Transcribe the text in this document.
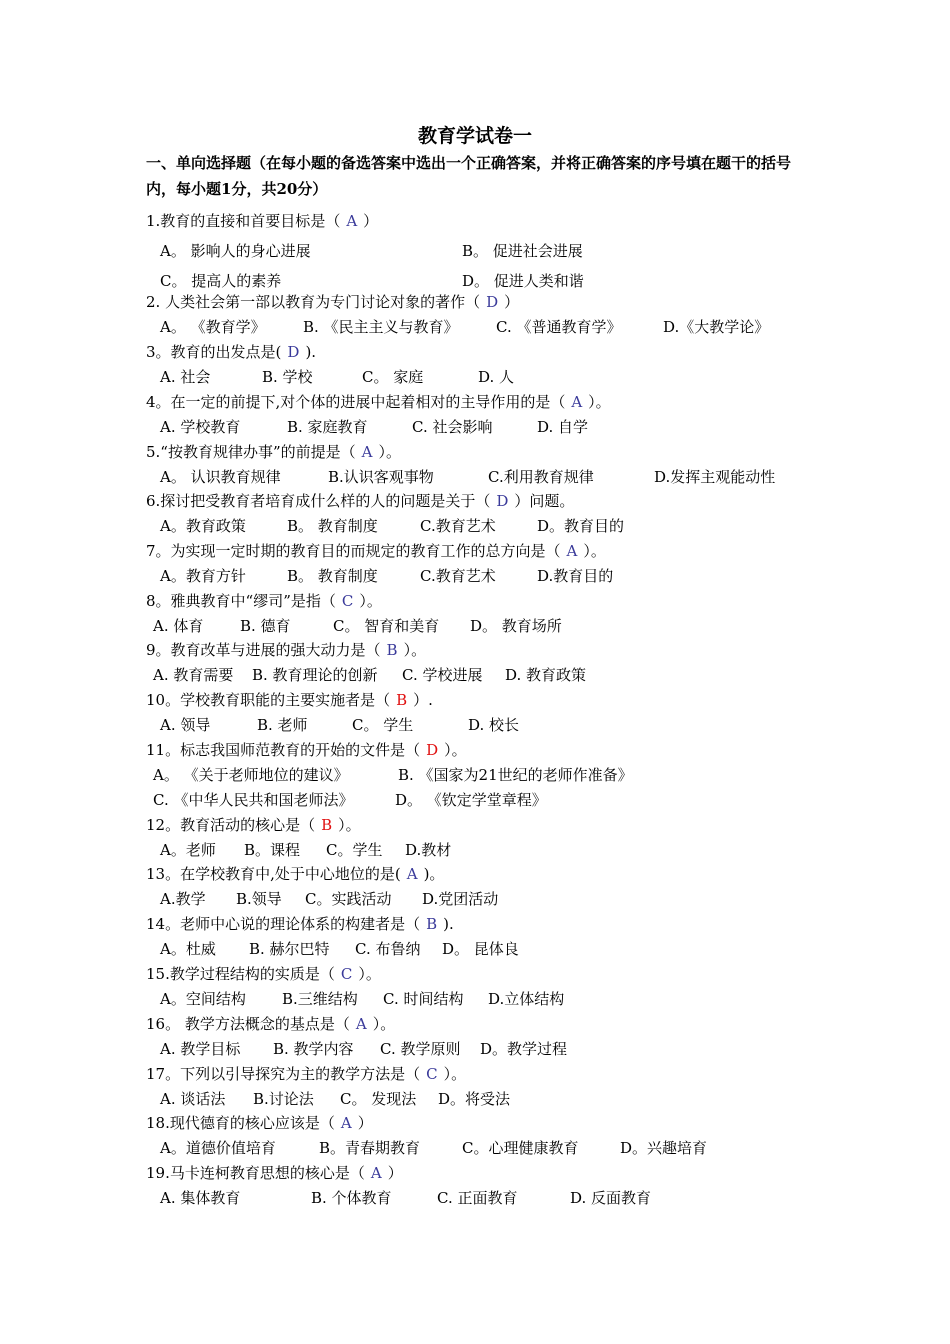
教育学试卷一
一、单向选择题（在每小题的备选答案中选出一个正确答案，并将正确答案的序号填在题干的括号内，每小题1分，共20分）
1.教育的直接和首要目标是（ A ）
A。 影响人的身心进展	B。 促进社会进展
C。 提高人的素养	D。 促进人类和谐
2. 人类社会第一部以教育为专门讨论对象的著作（ D ）
A。 《教育学》 B. 《民主主义与教育》 C. 《普通教育学》	D.《大教学论》
3。教育的出发点是( D ).
A. 社会	B. 学校	C。 家庭	D. 人
4。在一定的前提下,对个体的进展中起着相对的主导作用的是（ A ）。
A. 学校教育	B. 家庭教育	C. 社会影响	D. 自学
5.“按教育规律办事”的前提是（ A ）。
A。 认识教育规律	B.认识客观事物	C.利用教育规律	D.发挥主观能动性
6.探讨把受教育者培育成什么样的人的问题是关于（ D ）问题。
A。教育政策	B。 教育制度	C.教育艺术	D。教育目的
7。为实现一定时期的教育目的而规定的教育工作的总方向是（ A ）。
A。教育方针	B。 教育制度	C.教育艺术	D.教育目的
8。雅典教育中“缪司”是指（ C ）。
A. 体育 B. 德育	C。 智育和美育 D。 教育场所
9。教育改革与进展的强大动力是（ B ）。
A. 教育需要 B. 教育理论的创新 C. 学校进展 D. 教育政策
10。学校教育职能的主要实施者是（ B ）.
A. 领导	B. 老师	C。 学生	D. 校长
11。标志我国师范教育的开始的文件是（ D ）。
A。 《关于老师地位的建议》	B. 《国家为21世纪的老师作准备》
C. 《中华人民共和国老师法》	D。 《钦定学堂章程》
12。教育活动的核心是（ B ）。
A。老师 B。课程 C。学生 D.教材
13。在学校教育中,处于中心地位的是( A )。
A.教学 B.领导 C。实践活动 D.党团活动
14。老师中心说的理论体系的构建者是（ B ).
A。杜威 B. 赫尔巴特 C. 布鲁纳 D。 昆体良
15.教学过程结构的实质是（ C ）。
A。空间结构 B.三维结构 C. 时间结构 D.立体结构
16。 教学方法概念的基点是（ A ）。
A. 教学目标 B. 教学内容 C. 教学原则 D。教学过程
17。下列以引导探究为主的教学方法是（ C ）。
A. 谈话法 B.讨论法 C。 发现法 D。将受法
18.现代德育的核心应该是（ A ）
A。道德价值培育	B。青春期教育	C。心理健康教育	D。兴趣培育
19.马卡连柯教育思想的核心是（ A ）
A. 集体教育	B. 个体教育	C. 正面教育	D. 反面教育
